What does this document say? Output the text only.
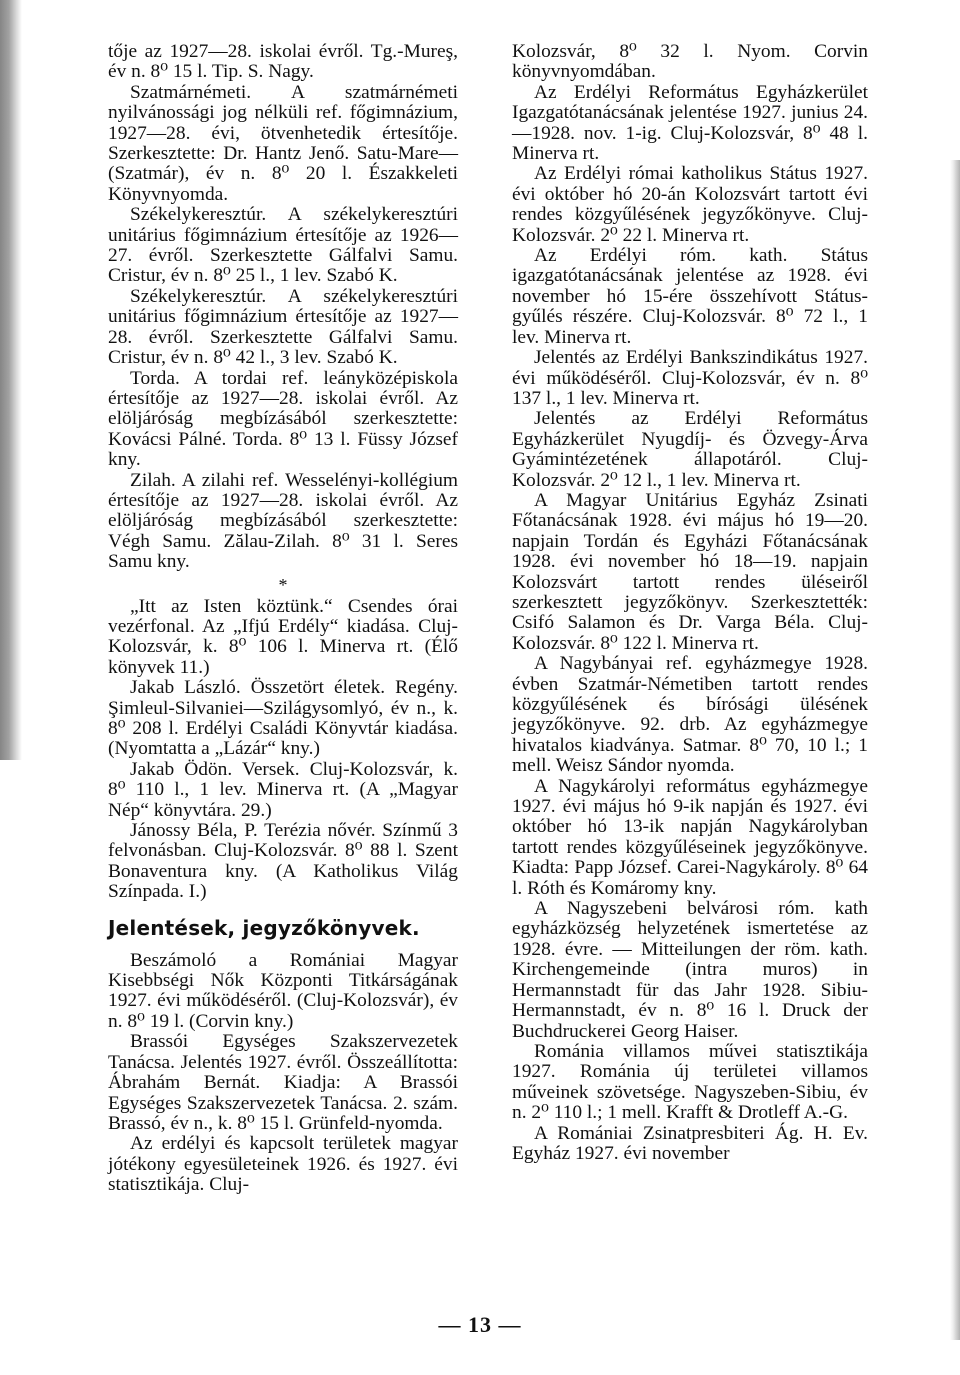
tője az 1927—28. iskolai évről. Tg.-Mureş, év n. 8⁰ 15 l. Tip. S. Nagy.

Szatmárnémeti. A szatmárnémeti nyilvánossági jog nélküli ref. főgimnázium, 1927—28. évi, ötvenhetedik értesítője. Szerkesztette: Dr. Hantz Jenő. Satu-Mare—(Szatmár), év n. 8⁰ 20 l. Északkeleti Könyvnyomda.

Székelykeresztúr. A székelykeresztúri unitárius főgimnázium értesítője az 1926—27. évről. Szerkesztette Gálfalvi Samu. Cristur, év n. 8⁰ 25 l., 1 lev. Szabó K.

Székelykeresztúr. A székelykeresztúri unitárius főgimnázium értesítője az 1927—28. évről. Szerkesztette Gálfalvi Samu. Cristur, év n. 8⁰ 42 l., 3 lev. Szabó K.

Torda. A tordai ref. leányközépiskola értesítője az 1927—28. iskolai évről. Az elöljáróság megbízásából szerkesztette: Kovácsi Pálné. Torda. 8⁰ 13 l. Füssy József kny.

Zilah. A zilahi ref. Wesselényi-kollégium értesítője az 1927—28. iskolai évről. Az elöljáróság megbízásából szerkesztette: Végh Samu. Zălau-Zilah. 8⁰ 31 l. Seres Samu kny.

*

„Itt az Isten köztünk.“ Csendes órai vezérfonal. Az „Ifjú Erdély“ kiadása. Cluj-Kolozsvár, k. 8⁰ 106 l. Minerva rt. (Élő könyvek 11.)

Jakab László. Összetört életek. Regény. Şimleul-Silvaniei—Szilágysomlyó, év n., k. 8⁰ 208 l. Erdélyi Családi Könyvtár kiadása. (Nyomtatta a „Lázár“ kny.)

Jakab Ödön. Versek. Cluj-Kolozsvár, k. 8⁰ 110 l., 1 lev. Minerva rt. (A „Magyar Nép“ könyvtára. 29.)

Jánossy Béla, P. Terézia nővér. Színmű 3 felvonásban. Cluj-Kolozsvár. 8⁰ 88 l. Szent Bonaventura kny. (A Katholikus Világ Színpada. I.)

Jelentések, jegyzőkönyvek.

Beszámoló a Romániai Magyar Kisebbségi Nők Központi Titkárságának 1927. évi működéséről. (Cluj-Kolozsvár), év n. 8⁰ 19 l. (Corvin kny.)

Brassói Egységes Szakszervezetek Tanácsa. Jelentés 1927. évről. Összeállította: Ábrahám Bernát. Kiadja: A Brassói Egységes Szakszervezetek Tanácsa. 2. szám. Brassó, év n., k. 8⁰ 15 l. Grünfeld-nyomda.

Az erdélyi és kapcsolt területek magyar jótékony egyesületeinek 1926. és 1927. évi statisztikája. Cluj-

Kolozsvár, 8⁰ 32 l. Nyom. Corvin könyvnyomdában.

Az Erdélyi Református Egyházkerület Igazgatótanácsának jelentése 1927. junius 24.—1928. nov. 1-ig. Cluj-Kolozsvár, 8⁰ 48 l. Minerva rt.

Az Erdélyi római katholikus Státus 1927. évi október hó 20-án Kolozsvárt tartott évi rendes közgyűlésének jegyzőkönyve. Cluj-Kolozsvár. 2⁰ 22 l. Minerva rt.

Az Erdélyi róm. kath. Státus igazgatótanácsának jelentése az 1928. évi november hó 15-ére összehívott Státus-gyűlés részére. Cluj-Kolozsvár. 8⁰ 72 l., 1 lev. Minerva rt.

Jelentés az Erdélyi Bankszindikátus 1927. évi működéséről. Cluj-Kolozsvár, év n. 8⁰ 137 l., 1 lev. Minerva rt.

Jelentés az Erdélyi Református Egyházkerület Nyugdíj- és Özvegy-Árva Gyámintézetének állapotáról. Cluj-Kolozsvár. 2⁰ 12 l., 1 lev. Minerva rt.

A Magyar Unitárius Egyház Zsinati Főtanácsának 1928. évi május hó 19—20. napjain Tordán és Egyházi Főtanácsának 1928. évi november hó 18—19. napjain Kolozsvárt tartott rendes üléseiről szerkesztett jegyzőkönyv. Szerkesztették: Csifó Salamon és Dr. Varga Béla. Cluj-Kolozsvár. 8⁰ 122 l. Minerva rt.

A Nagybányai ref. egyházmegye 1928. évben Szatmár-Németiben tartott rendes közgyűlésének és bírósági ülésének jegyzőkönyve. 92. drb. Az egyházmegye hivatalos kiadványa. Satmar. 8⁰ 70, 10 l.; 1 mell. Weisz Sándor nyomda.

A Nagykárolyi református egyházmegye 1927. évi május hó 9-ik napján és 1927. évi október hó 13-ik napján Nagykárolyban tartott rendes közgyűléseinek jegyzőkönyve. Kiadta: Papp József. Carei-Nagykároly. 8⁰ 64 l. Róth és Komáromy kny.

A Nagyszebeni belvárosi róm. kath egyházközség helyzetének ismertetése az 1928. évre. — Mitteilungen der röm. kath. Kirchengemeinde (intra muros) in Hermannstadt für das Jahr 1928. Sibiu-Hermannstadt, év n. 8⁰ 16 l. Druck der Buchdruckerei Georg Haiser.

Románia villamos művei statisztikája 1927. Románia új területei villamos műveinek szövetsége. Nagyszeben-Sibiu, év n. 2⁰ 110 l.; 1 mell. Krafft & Drotleff A.-G.

A Romániai Zsinatpresbiteri Ág. H. Ev. Egyház 1927. évi november

— 13 —
